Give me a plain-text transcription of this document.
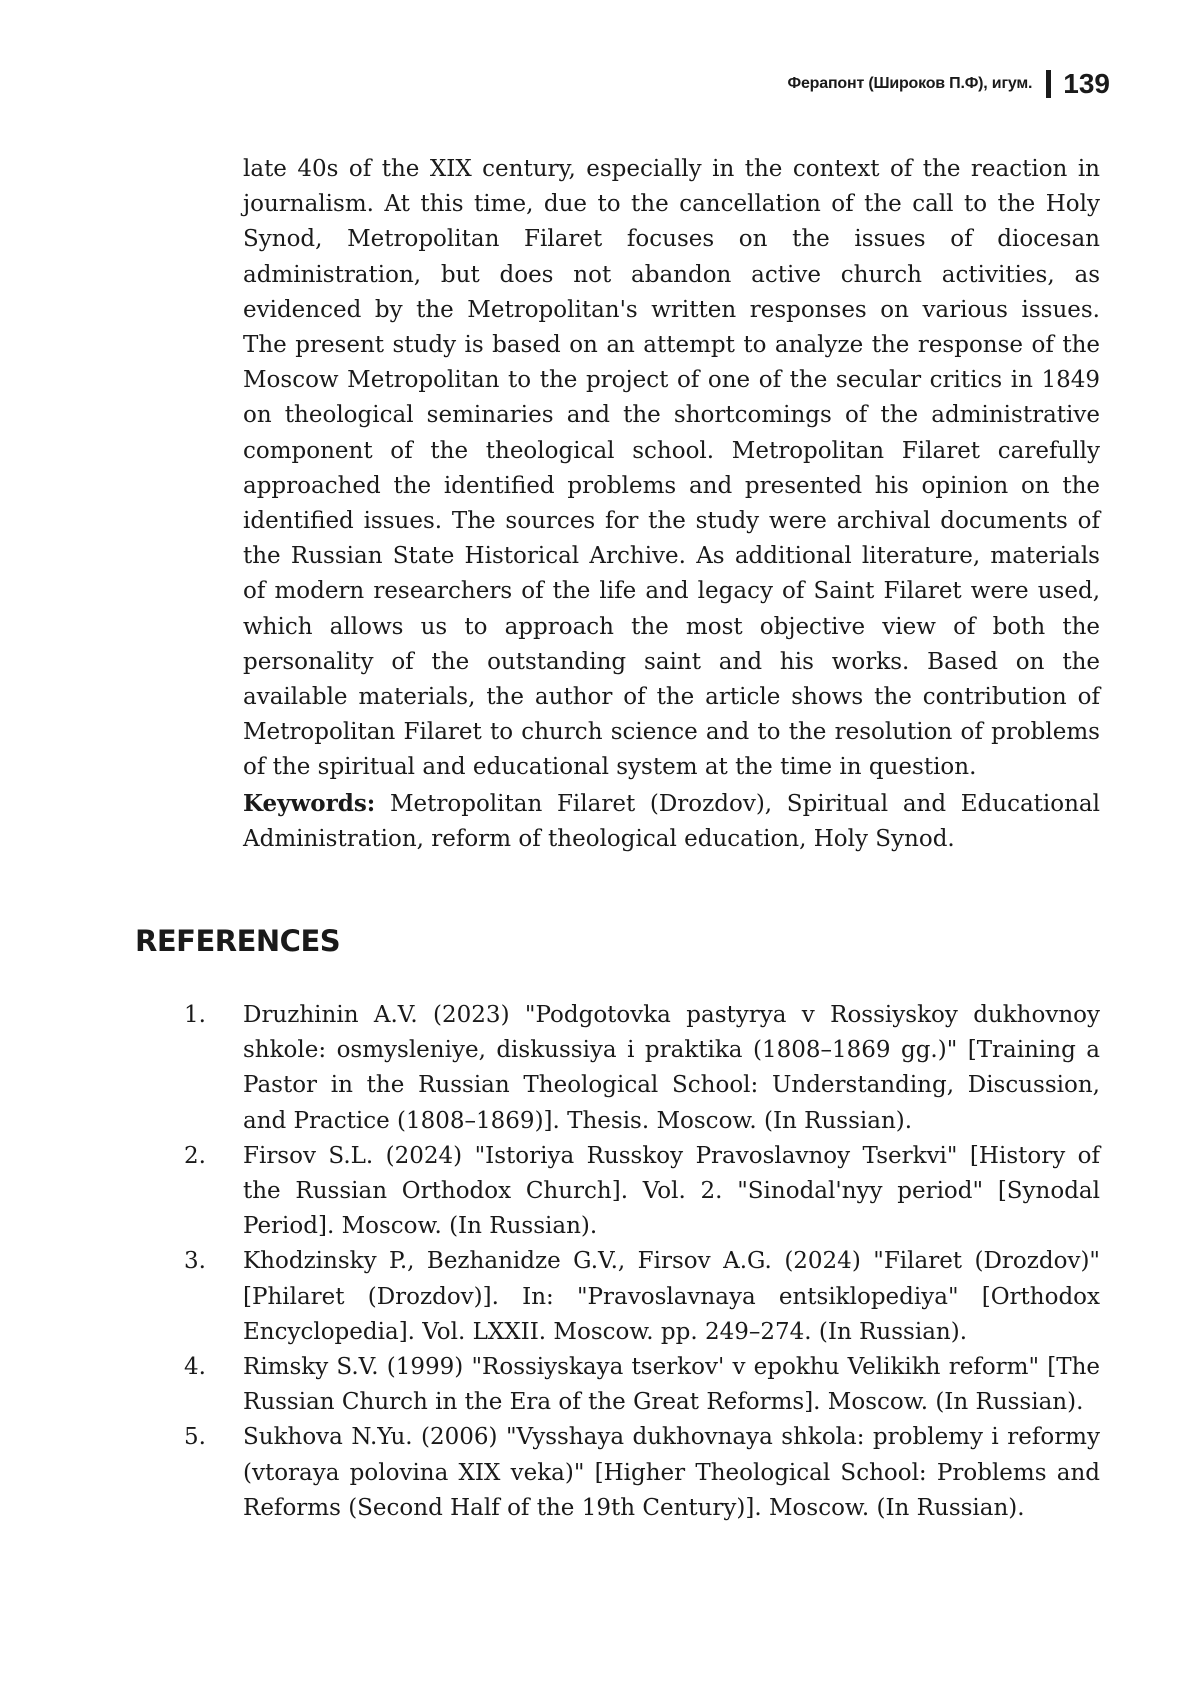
Ферапонт (Широков П.Ф), игум. 139

late 40s of the XIX century, especially in the context of the reaction in journalism. At this time, due to the cancellation of the call to the Holy Synod, Metropolitan Filaret focuses on the issues of diocesan administration, but does not abandon active church activities, as evidenced by the Metropolitan's written responses on various issues. The present study is based on an attempt to analyze the response of the Moscow Metropolitan to the project of one of the secular critics in 1849 on theological seminaries and the shortcomings of the administrative component of the theological school. Metropolitan Filaret carefully approached the identified problems and presented his opinion on the identified issues. The sources for the study were archival documents of the Russian State Historical Archive. As additional literature, materials of modern researchers of the life and legacy of Saint Filaret were used, which allows us to approach the most objective view of both the personality of the outstanding saint and his works. Based on the available materials, the author of the article shows the contribution of Metropolitan Filaret to church science and to the resolution of problems of the spiritual and educational system at the time in question.

Keywords: Metropolitan Filaret (Drozdov), Spiritual and Educational Administration, reform of theological education, Holy Synod.

REFERENCES
1.	Druzhinin A.V. (2023) "Podgotovka pastyrya v Rossiyskoy dukhovnoy shkole: osmysleniye, diskussiya i praktika (1808–1869 gg.)" [Training a Pastor in the Russian Theological School: Understanding, Discussion, and Practice (1808–1869)]. Thesis. Moscow. (In Russian).
2.	Firsov S.L. (2024) "Istoriya Russkoy Pravoslavnoy Tserkvi" [History of the Russian Orthodox Church]. Vol. 2. "Sinodal'nyy period" [Synodal Period]. Moscow. (In Russian).
3.	Khodzinsky P., Bezhanidze G.V., Firsov A.G. (2024) "Filaret (Drozdov)" [Philaret (Drozdov)]. In: "Pravoslavnaya entsiklopediya" [Orthodox Encyclopedia]. Vol. LXXII. Moscow. pp. 249–274. (In Russian).
4.	Rimsky S.V. (1999) "Rossiyskaya tserkov' v epokhu Velikikh reform" [The Russian Church in the Era of the Great Reforms]. Moscow. (In Russian).
5.	Sukhova N.Yu. (2006) "Vysshaya dukhovnaya shkola: problemy i reformy (vtoraya polovina XIX veka)" [Higher Theological School: Problems and Reforms (Second Half of the 19th Century)]. Moscow. (In Russian).
